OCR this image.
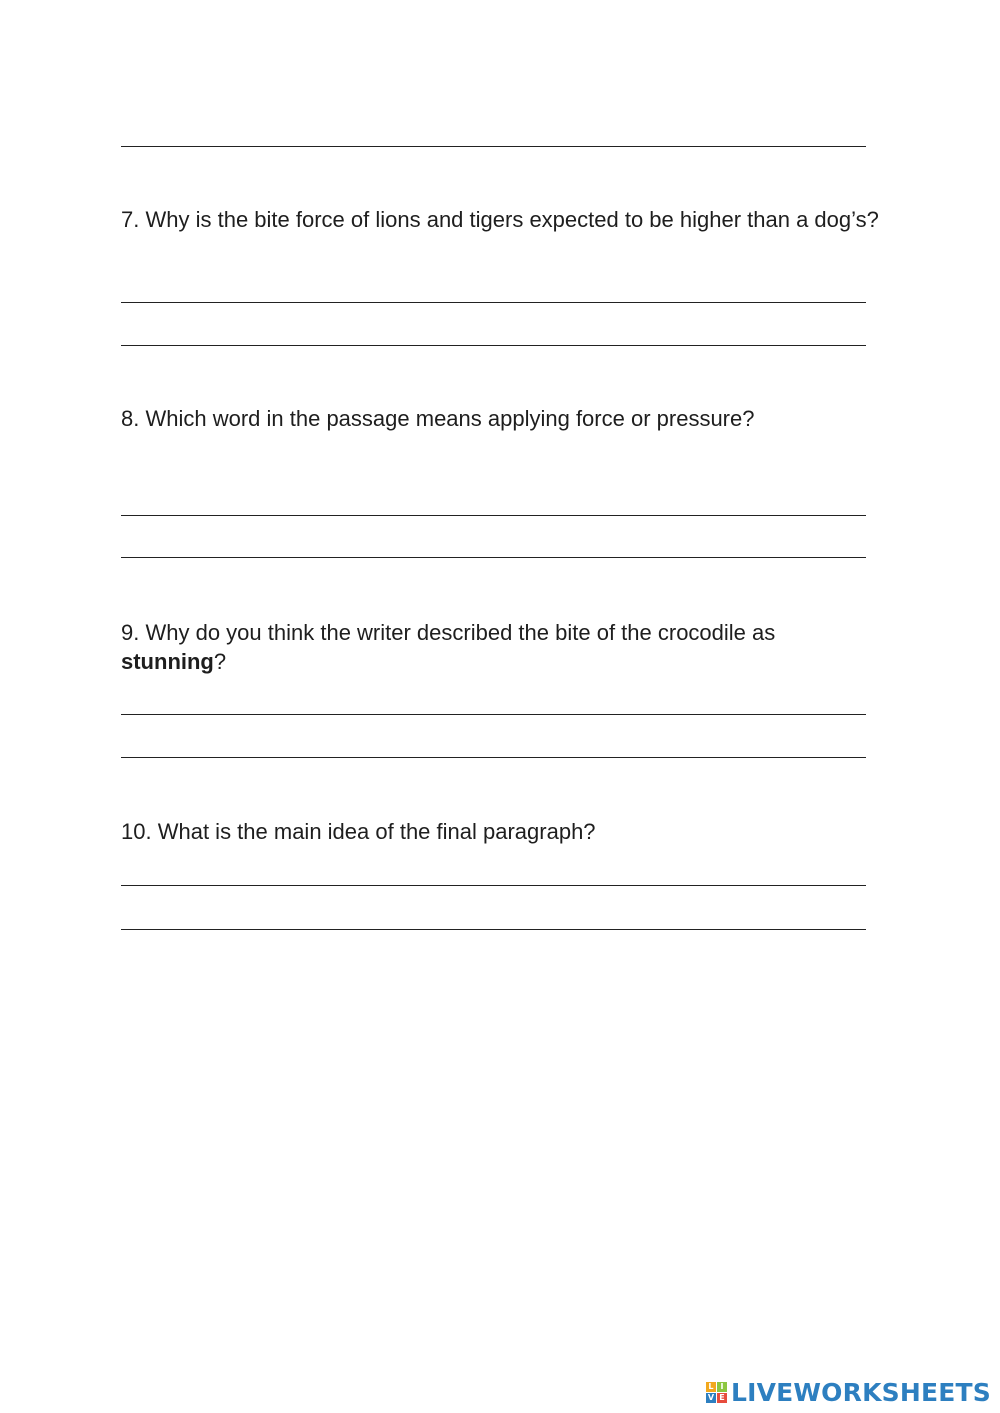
7. Why is the bite force of lions and tigers expected to be higher than a dog’s?

8. Which word in the passage means applying force or pressure?

9. Why do you think the writer described the bite of the crocodile as stunning?

10. What is the main idea of the final paragraph?

L I
V E LIVEWORKSHEETS
